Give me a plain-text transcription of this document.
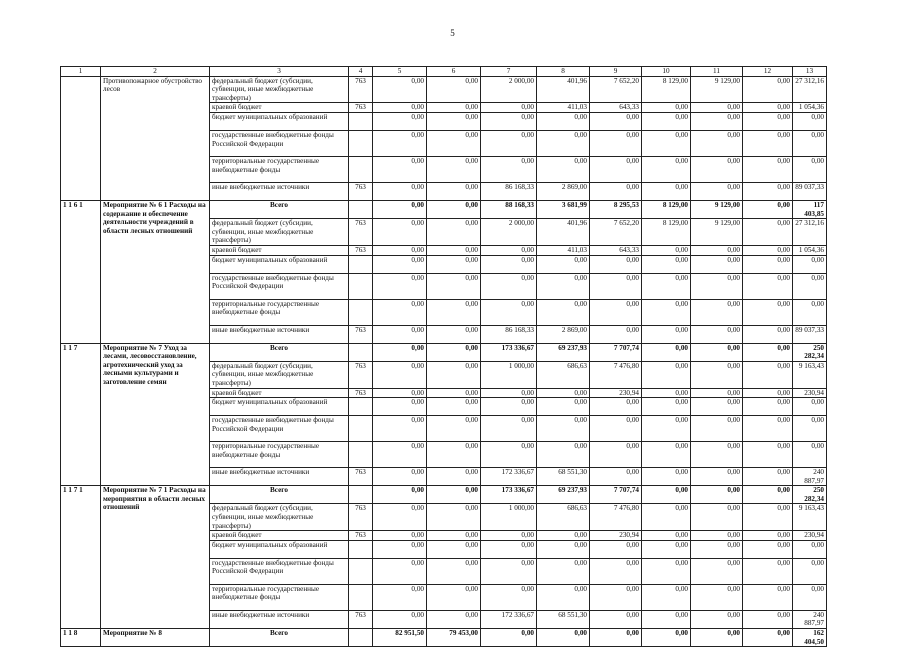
5
1	2	3	4	5	6	7	8	9	10	11	12	13
	Противопожарное обустройство лесов	федеральный бюджет (субсидии, субвенции, иные межбюджетные трансферты)	763	0,00	0,00	2 000,00	401,96	7 652,20	8 129,00	9 129,00	0,00	27 312,16
		краевой бюджет	763	0,00	0,00	0,00	411,03	643,33	0,00	0,00	0,00	1 054,36
		бюджет муниципальных образований		0,00	0,00	0,00	0,00	0,00	0,00	0,00	0,00	0,00
		государственные внебюджетные фонды Российской Федерации		0,00	0,00	0,00	0,00	0,00	0,00	0,00	0,00	0,00
		территориальные государственные внебюджетные фонды		0,00	0,00	0,00	0,00	0,00	0,00	0,00	0,00	0,00
		иные внебюджетные источники	763	0,00	0,00	86 168,33	2 869,00	0,00	0,00	0,00	0,00	89 037,33
1 1 6 1	Мероприятие № 6 1 Расходы на содержание и обеспечение деятельности учреждений в области лесных отношений	Всего		0,00	0,00	88 168,33	3 681,99	8 295,53	8 129,00	9 129,00	0,00	117 403,85
		федеральный бюджет (субсидии, субвенции, иные межбюджетные трансферты)	763	0,00	0,00	2 000,00	401,96	7 652,20	8 129,00	9 129,00	0,00	27 312,16
		краевой бюджет	763	0,00	0,00	0,00	411,03	643,33	0,00	0,00	0,00	1 054,36
		бюджет муниципальных образований		0,00	0,00	0,00	0,00	0,00	0,00	0,00	0,00	0,00
		государственные внебюджетные фонды Российской Федерации		0,00	0,00	0,00	0,00	0,00	0,00	0,00	0,00	0,00
		территориальные государственные внебюджетные фонды		0,00	0,00	0,00	0,00	0,00	0,00	0,00	0,00	0,00
		иные внебюджетные источники	763	0,00	0,00	86 168,33	2 869,00	0,00	0,00	0,00	0,00	89 037,33
1 1 7	Мероприятие № 7 Уход за лесами, лесовосстановление, агротехнический уход за лесными культурами и заготовление семян	Всего		0,00	0,00	173 336,67	69 237,93	7 707,74	0,00	0,00	0,00	250 282,34
		федеральный бюджет (субсидии, субвенции, иные межбюджетные трансферты)	763	0,00	0,00	1 000,00	686,63	7 476,80	0,00	0,00	0,00	9 163,43
		краевой бюджет	763	0,00	0,00	0,00	0,00	230,94	0,00	0,00	0,00	230,94
		бюджет муниципальных образований		0,00	0,00	0,00	0,00	0,00	0,00	0,00	0,00	0,00
		государственные внебюджетные фонды Российской Федерации		0,00	0,00	0,00	0,00	0,00	0,00	0,00	0,00	0,00
		территориальные государственные внебюджетные фонды		0,00	0,00	0,00	0,00	0,00	0,00	0,00	0,00	0,00
		иные внебюджетные источники	763	0,00	0,00	172 336,67	68 551,30	0,00	0,00	0,00	0,00	240 887,97
1 1 7 1	Мероприятие № 7 1 Расходы на мероприятия в области лесных отношений	Всего		0,00	0,00	173 336,67	69 237,93	7 707,74	0,00	0,00	0,00	250 282,34
		федеральный бюджет (субсидии, субвенции, иные межбюджетные трансферты)	763	0,00	0,00	1 000,00	686,63	7 476,80	0,00	0,00	0,00	9 163,43
		краевой бюджет	763	0,00	0,00	0,00	0,00	230,94	0,00	0,00	0,00	230,94
		бюджет муниципальных образований		0,00	0,00	0,00	0,00	0,00	0,00	0,00	0,00	0,00
		государственные внебюджетные фонды Российской Федерации		0,00	0,00	0,00	0,00	0,00	0,00	0,00	0,00	0,00
		территориальные государственные внебюджетные фонды		0,00	0,00	0,00	0,00	0,00	0,00	0,00	0,00	0,00
		иные внебюджетные источники	763	0,00	0,00	172 336,67	68 551,30	0,00	0,00	0,00	0,00	240 887,97
1 1 8	Мероприятие № 8	Всего		82 951,50	79 453,00	0,00	0,00	0,00	0,00	0,00	0,00	162 404,50
